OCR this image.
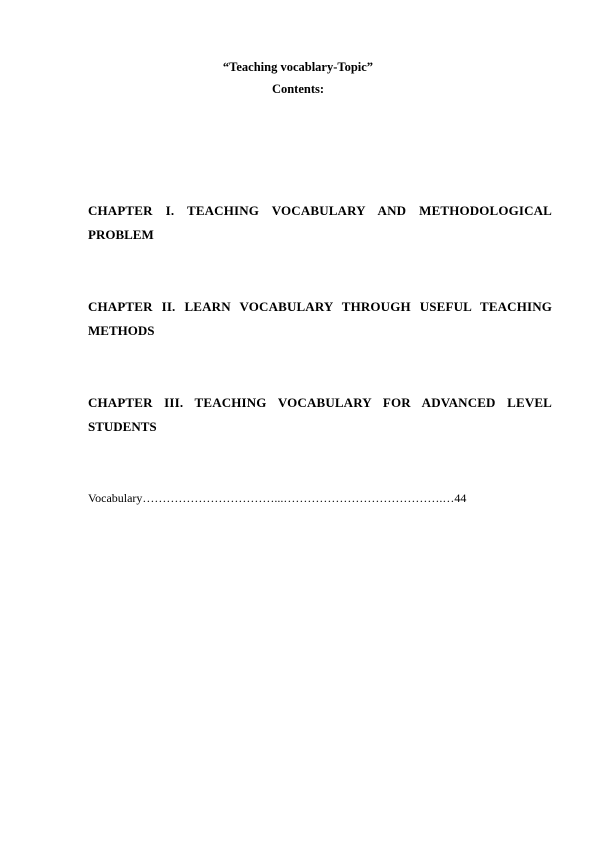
“Teaching vocablary-Topic”
Contents:
CHAPTER I. TEACHING VOCABULARY AND METHODOLOGICAL
PROBLEM
CHAPTER II. LEARN VOCABULARY THROUGH USEFUL TEACHING
METHODS
CHAPTER III. TEACHING VOCABULARY FOR ADVANCED LEVEL
STUDENTS
Vocabulary……………………………...………………………………….…44
